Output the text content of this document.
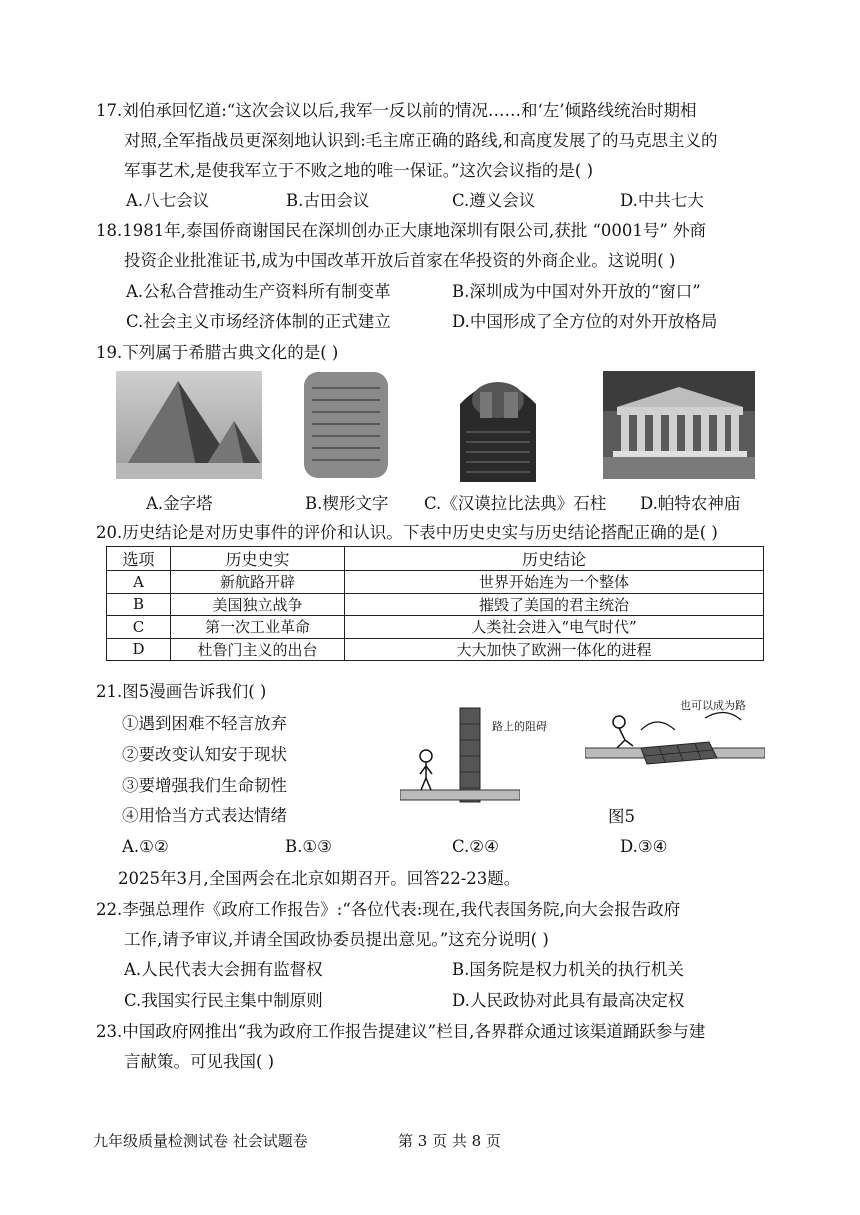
17.刘伯承回忆道:“这次会议以后,我军一反以前的情况……和‘左’倾路线统治时期相
对照,全军指战员更深刻地认识到:毛主席正确的路线,和高度发展了的马克思主义的
军事艺术,是使我军立于不败之地的唯一保证。”这次会议指的是( )
A.八七会议	B.古田会议	C.遵义会议	D.中共七大
18.1981年,泰国侨商谢国民在深圳创办正大康地深圳有限公司,获批 “0001号” 外商
投资企业批准证书,成为中国改革开放后首家在华投资的外商企业。这说明( )
A.公私合营推动生产资料所有制变革	B.深圳成为中国对外开放的“窗口”
C.社会主义市场经济体制的正式建立	D.中国形成了全方位的对外开放格局
19.下列属于希腊古典文化的是( )
A.金字塔	B.楔形文字 C.《汉谟拉比法典》石柱 D.帕特农神庙
20.历史结论是对历史事件的评价和认识。下表中历史史实与历史结论搭配正确的是( )
选项	历史史实	历史结论
A	新航路开辟	世界开始连为一个整体
B	美国独立战争	摧毁了美国的君主统治
C	第一次工业革命	人类社会进入“电气时代”
D	杜鲁门主义的出台	大大加快了欧洲一体化的进程
21.图5漫画告诉我们( )
①遇到困难不轻言放弃
②要改变认知安于现状
③要增强我们生命韧性
④用恰当方式表达情绪
路上的阻碍
也可以成为路
图5
A.①②	B.①③	C.②④	D.③④
2025年3月,全国两会在北京如期召开。回答22-23题。
22.李强总理作《政府工作报告》:“各位代表:现在,我代表国务院,向大会报告政府
工作,请予审议,并请全国政协委员提出意见。”这充分说明( )
A.人民代表大会拥有监督权	B.国务院是权力机关的执行机关
C.我国实行民主集中制原则	D.人民政协对此具有最高决定权
23.中国政府网推出“我为政府工作报告提建议”栏目,各界群众通过该渠道踊跃参与建
言献策。可见我国( )
九年级质量检测试卷 社会试题卷	第 3 页 共 8 页
